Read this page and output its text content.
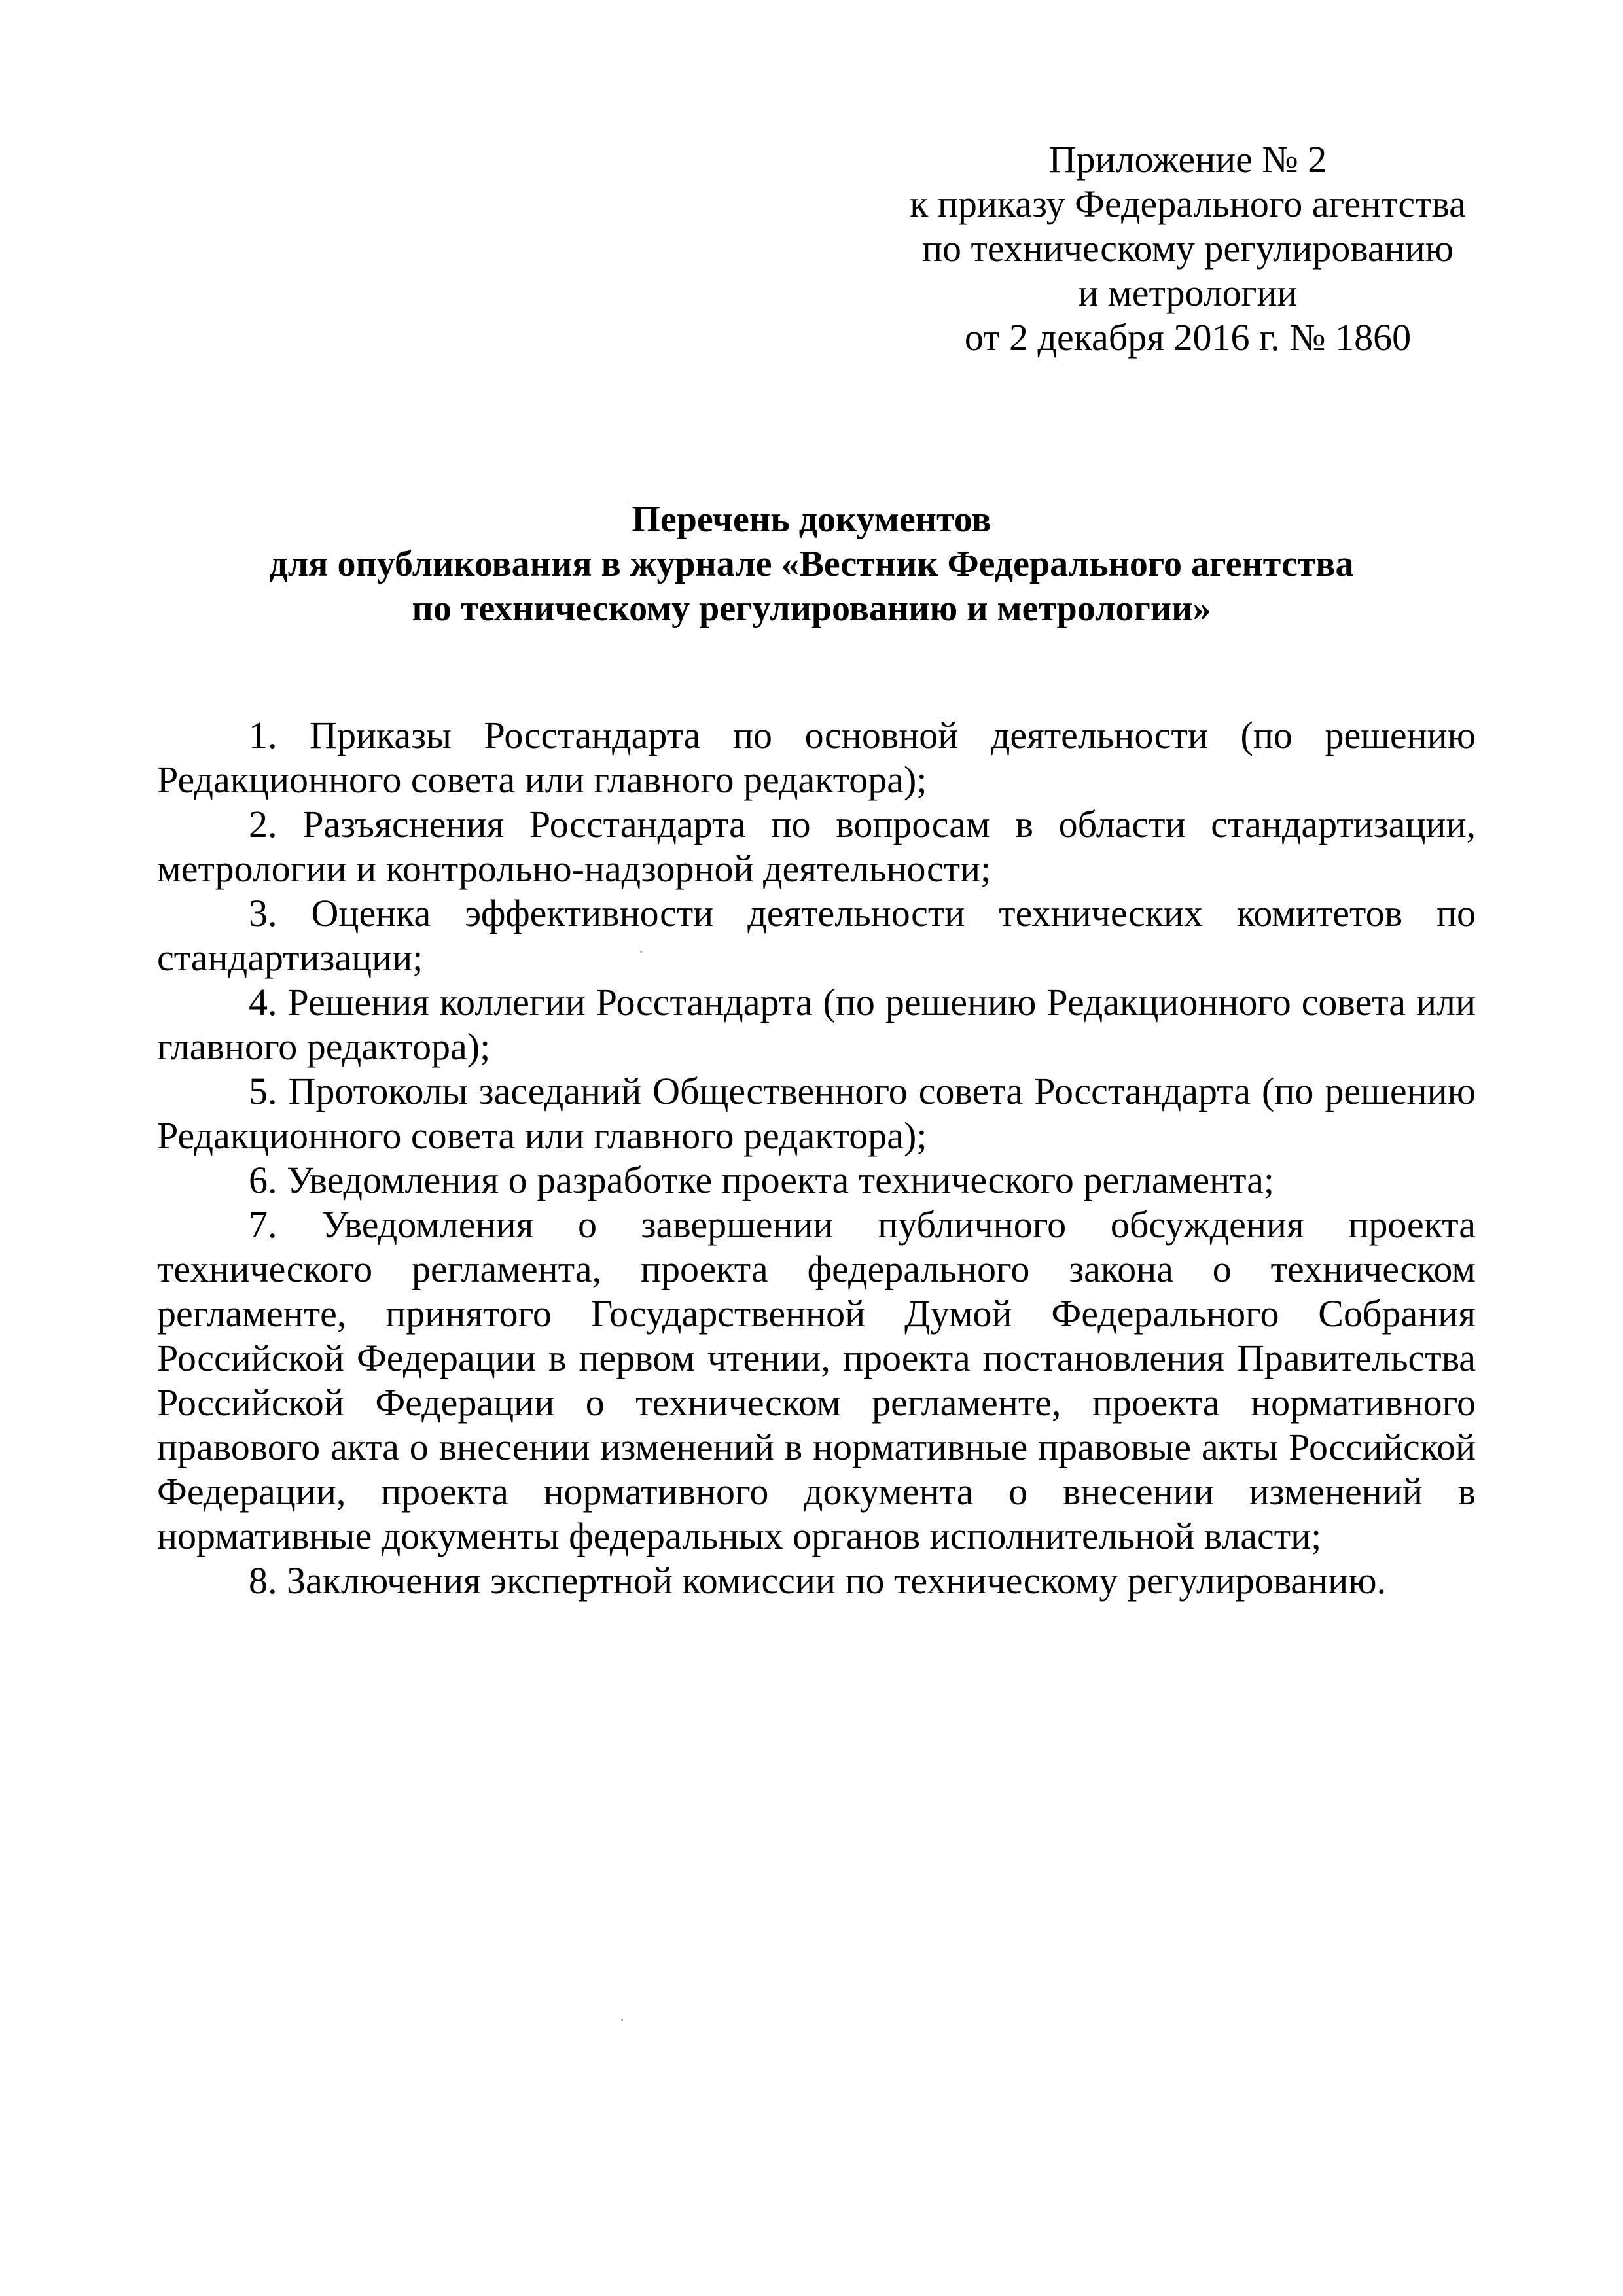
Приложение № 2
к приказу Федерального агентства
по техническому регулированию
и метрологии
от 2 декабря 2016 г. № 1860
Перечень документов
для опубликования в журнале «Вестник Федерального агентства
по техническому регулированию и метрологии»

1. Приказы Росстандарта по основной деятельности (по решению Редакционного совета или главного редактора);

2. Разъяснения Росстандарта по вопросам в области стандартизации, метрологии и контрольно-надзорной деятельности;

3. Оценка эффективности деятельности технических комитетов по стандартизации;

4. Решения коллегии Росстандарта (по решению Редакционного совета или главного редактора);

5. Протоколы заседаний Общественного совета Росстандарта (по решению Редакционного совета или главного редактора);

6. Уведомления о разработке проекта технического регламента;

7. Уведомления о завершении публичного обсуждения проекта технического регламента, проекта федерального закона о техническом регламенте, принятого Государственной Думой Федерального Собрания Российской Федерации в первом чтении, проекта постановления Правительства Российской Федерации о техническом регламенте, проекта нормативного правового акта о внесении изменений в нормативные правовые акты Российской Федерации, проекта нормативного документа о внесении изменений в нормативные документы федеральных органов исполнительной власти;

8. Заключения экспертной комиссии по техническому регулированию.
